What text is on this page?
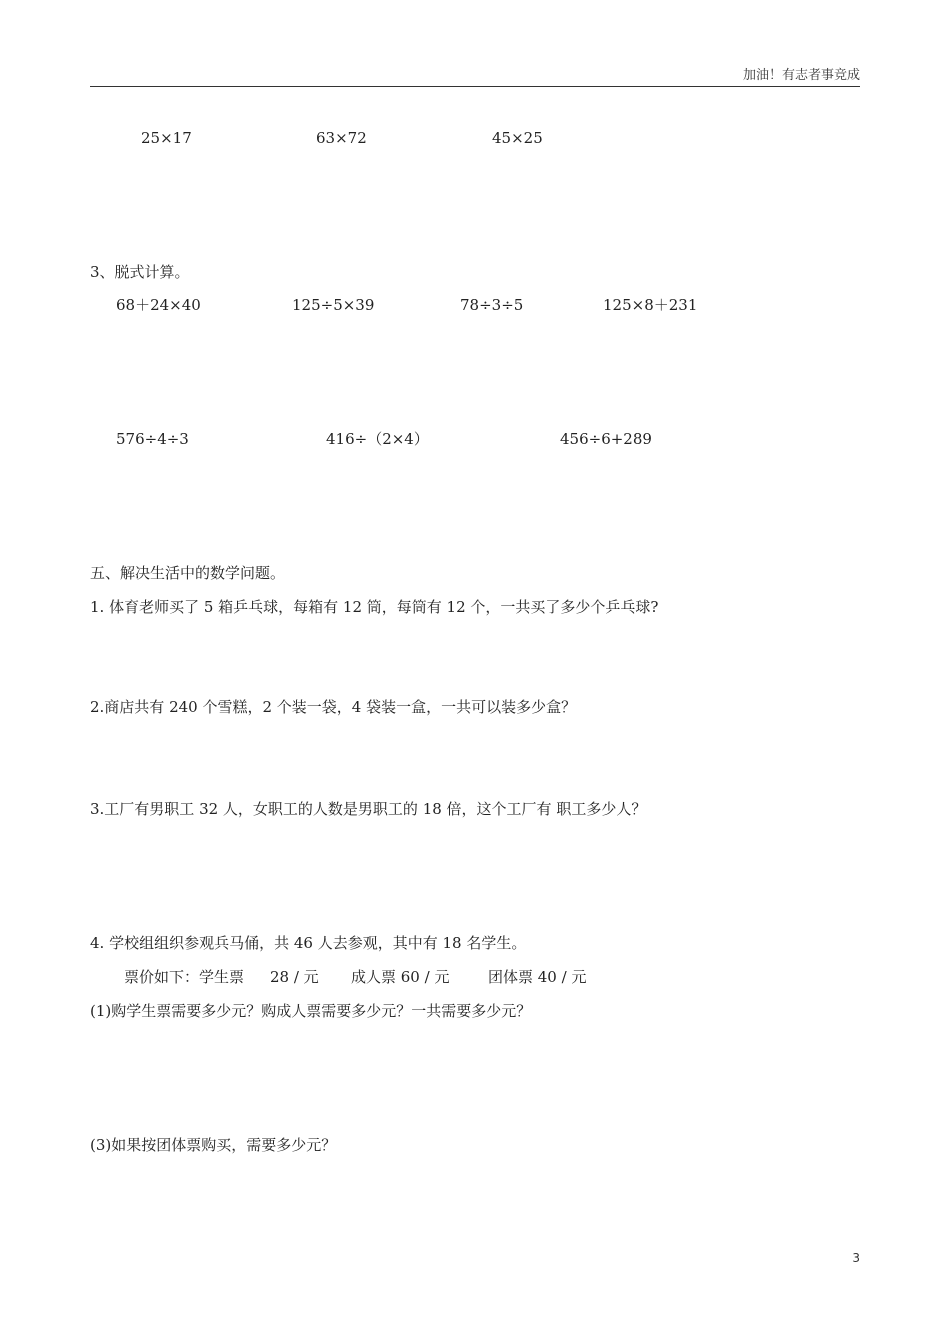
加油！有志者事竞成
25×17	63×72	45×25
3、脱式计算。
68＋24×40	125÷5×39	78÷3÷5	125×8＋231
576÷4÷3	416÷（2×4）	456÷6+289
五、解决生活中的数学问题。
1. 体育老师买了 5 箱乒乓球，每箱有 12 筒，每筒有 12 个，一共买了多少个乒乓球?
2.商店共有 240 个雪糕，2 个装一袋，4 袋装一盒，一共可以装多少盒？
3.工厂有男职工 32 人，女职工的人数是男职工的 18 倍，这个工厂有 职工多少人？
4. 学校组组织参观兵马俑，共 46 人去参观，其中有 18 名学生。
票价如下：学生票 28 / 元 成人票 60 / 元	团体票 40 / 元
(1)购学生票需要多少元？购成人票需要多少元？一共需要多少元？
(3)如果按团体票购买，需要多少元？
3
